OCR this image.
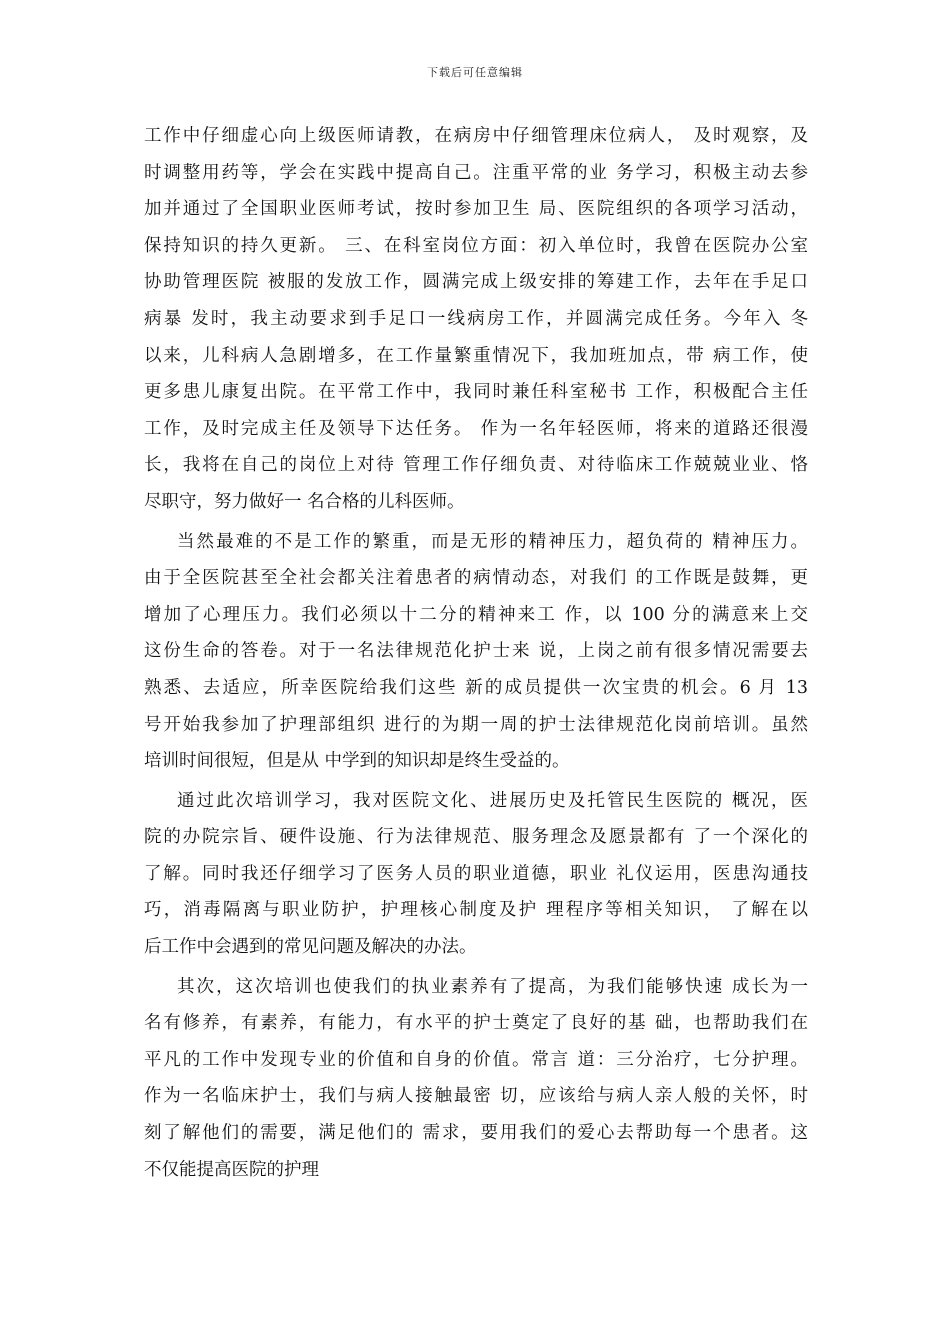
下载后可任意编辑
工作中仔细虚心向上级医师请教，在病房中仔细管理床位病人， 及时观察，及
时调整用药等，学会在实践中提高自己。注重平常的业 务学习，积极主动去参
加并通过了全国职业医师考试，按时参加卫生 局、医院组织的各项学习活动，
保持知识的持久更新。 三、在科室岗位方面：初入单位时，我曾在医院办公室
协助管理医院 被服的发放工作，圆满完成上级安排的筹建工作，去年在手足口
病暴 发时，我主动要求到手足口一线病房工作，并圆满完成任务。今年入 冬
以来，儿科病人急剧增多，在工作量繁重情况下，我加班加点，带 病工作，使
更多患儿康复出院。在平常工作中，我同时兼任科室秘书 工作，积极配合主任
工作，及时完成主任及领导下达任务。 作为一名年轻医师，将来的道路还很漫
长，我将在自己的岗位上对待 管理工作仔细负责、对待临床工作兢兢业业、恪
尽职守，努力做好一 名合格的儿科医师。
当然最难的不是工作的繁重，而是无形的精神压力，超负荷的 精神压力。
由于全医院甚至全社会都关注着患者的病情动态，对我们 的工作既是鼓舞，更
增加了心理压力。我们必须以十二分的精神来工 作，以 100 分的满意来上交
这份生命的答卷。对于一名法律规范化护士来 说，上岗之前有很多情况需要去
熟悉、去适应，所幸医院给我们这些 新的成员提供一次宝贵的机会。6 月 13
号开始我参加了护理部组织 进行的为期一周的护士法律规范化岗前培训。虽然
培训时间很短，但是从 中学到的知识却是终生受益的。
通过此次培训学习，我对医院文化、进展历史及托管民生医院的 概况，医
院的办院宗旨、硬件设施、行为法律规范、服务理念及愿景都有 了一个深化的
了解。同时我还仔细学习了医务人员的职业道德，职业 礼仪运用，医患沟通技
巧，消毒隔离与职业防护，护理核心制度及护 理程序等相关知识， 了解在以
后工作中会遇到的常见问题及解决的办法。
其次，这次培训也使我们的执业素养有了提高，为我们能够快速 成长为一
名有修养，有素养，有能力，有水平的护士奠定了良好的基 础，也帮助我们在
平凡的工作中发现专业的价值和自身的价值。常言 道：三分治疗，七分护理。
作为一名临床护士，我们与病人接触最密 切，应该给与病人亲人般的关怀，时
刻了解他们的需要，满足他们的 需求，要用我们的爱心去帮助每一个患者。这
不仅能提高医院的护理
